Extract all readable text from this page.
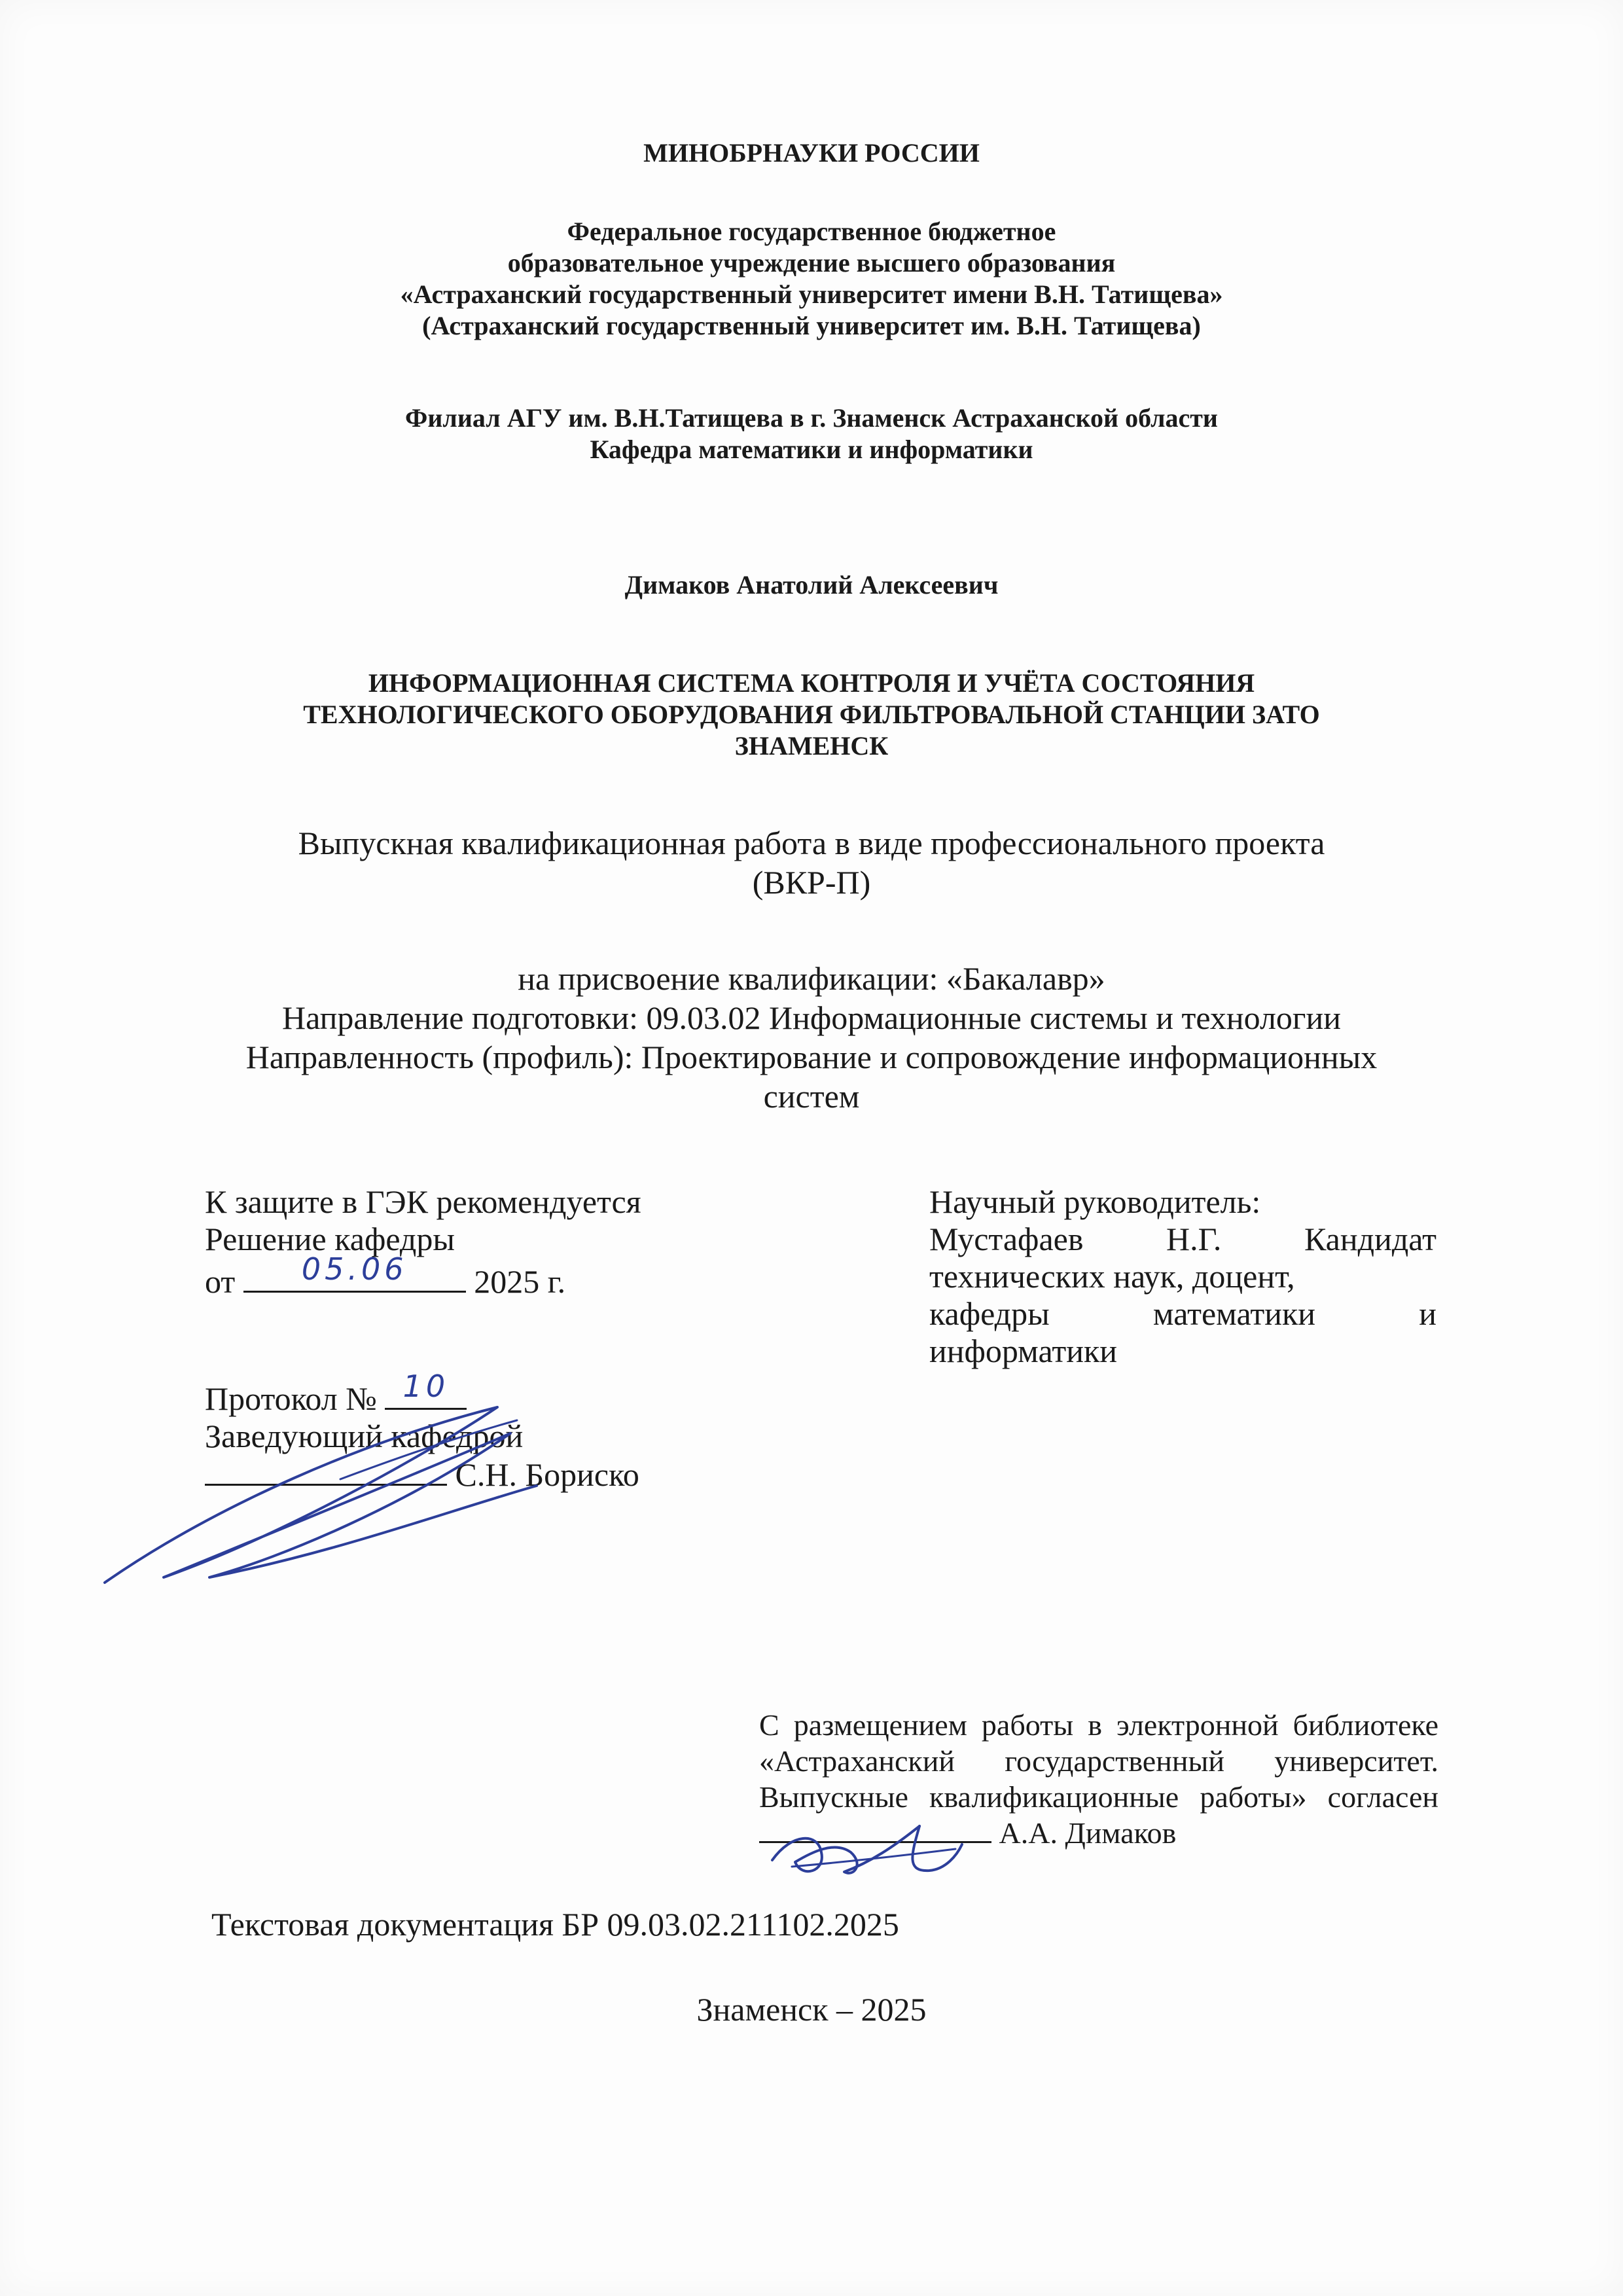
МИНОБРНАУКИ РОССИИ
Федеральное государственное бюджетное
образовательное учреждение высшего образования
«Астраханский государственный университет имени В.Н. Татищева»
(Астраханский государственный университет им. В.Н. Татищева)
Филиал АГУ им. В.Н.Татищева в г. Знаменск Астраханской области
Кафедра математики и информатики
Димаков Анатолий Алексеевич
ИНФОРМАЦИОННАЯ СИСТЕМА КОНТРОЛЯ И УЧЁТА СОСТОЯНИЯ
ТЕХНОЛОГИЧЕСКОГО ОБОРУДОВАНИЯ ФИЛЬТРОВАЛЬНОЙ СТАНЦИИ ЗАТО
ЗНАМЕНСК
Выпускная квалификационная работа в виде профессионального проекта
(ВКР-П)
на присвоение квалификации: «Бакалавр»
Направление подготовки: 09.03.02 Информационные системы и технологии
Направленность (профиль): Проектирование и сопровождение информационных
систем
К защите в ГЭК рекомендуется
Решение кафедры
от	05.06	2025 г.
Протокол № 10
Заведующий кафедрой
С.Н. Бориско
Научный руководитель:
Мустафаев	Н.Г.	Кандидат
технических наук, доцент,
кафедры	математики	и
информатики
С размещением работы в электронной библиотеке
«Астраханский государственный университет.
Выпускные квалификационные работы» согласен
А.А. Димаков
Текстовая документация БР 09.03.02.211102.2025
Знаменск – 2025
